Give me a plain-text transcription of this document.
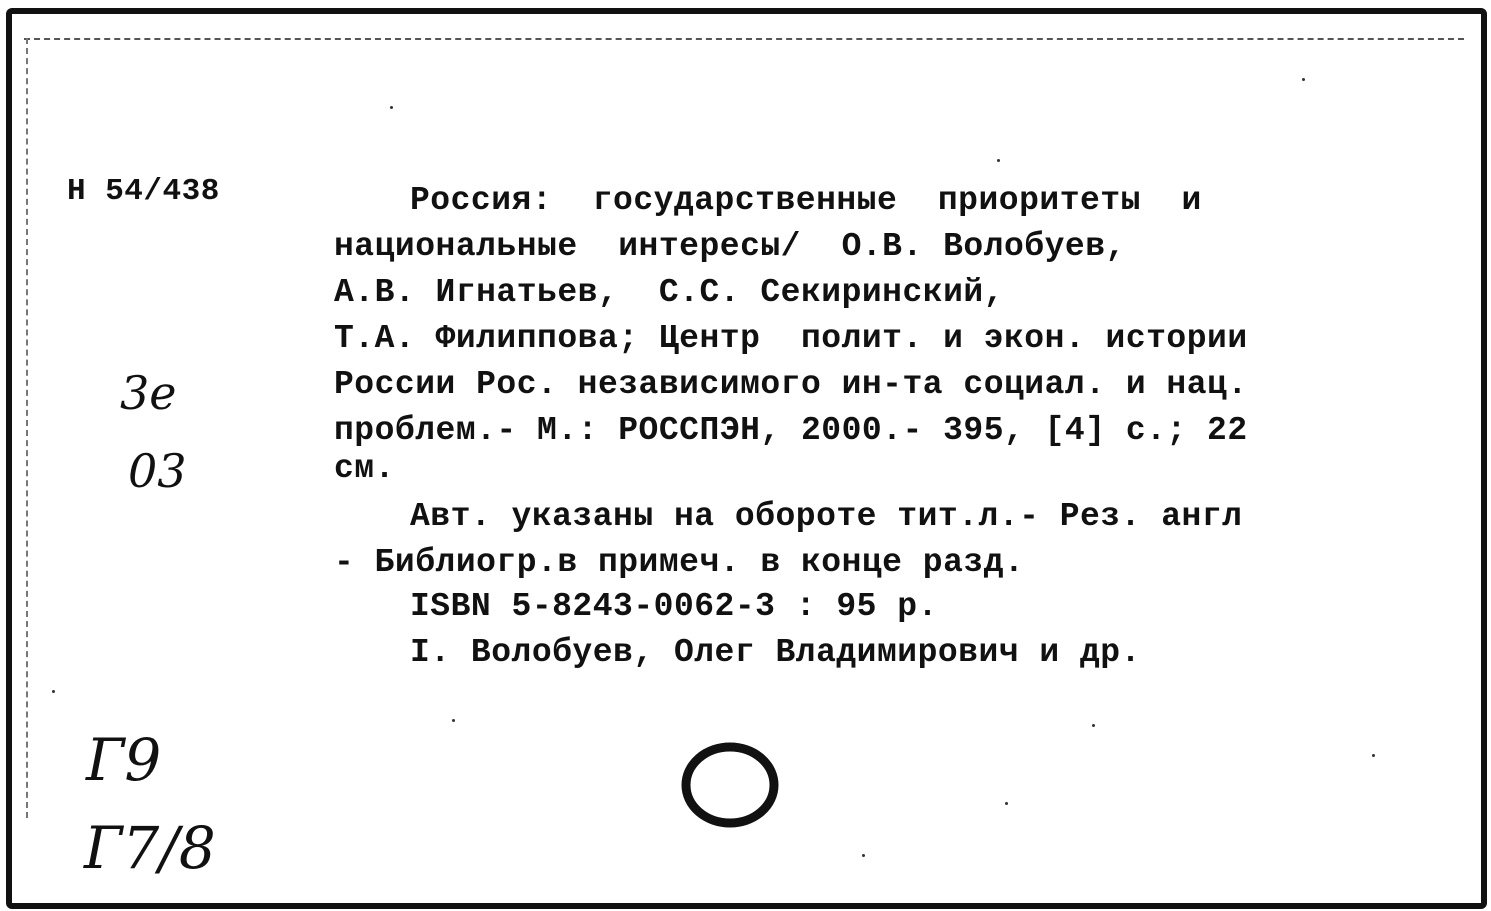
Н 54/438	Россия:  государственные  приоритеты  и
национальные  интересы/  О.В. Волобуев,
А.В. Игнатьев,  С.С. Секиринский,
Т.А. Филиппова; Центр  полит. и экон. истории
России Рос. независимого ин-та социал. и нац.
проблем.- М.: РОССПЭН, 2000.- 395, [4] с.; 22
см.
Авт. указаны на обороте тит.л.- Рез. англ
- Библиогр.в примеч. в конце разд.
ISBN 5-8243-0062-3 : 95 р.
I. Волобуев, Олег Владимирович и др.
3e
03
Г9
Г7/8
